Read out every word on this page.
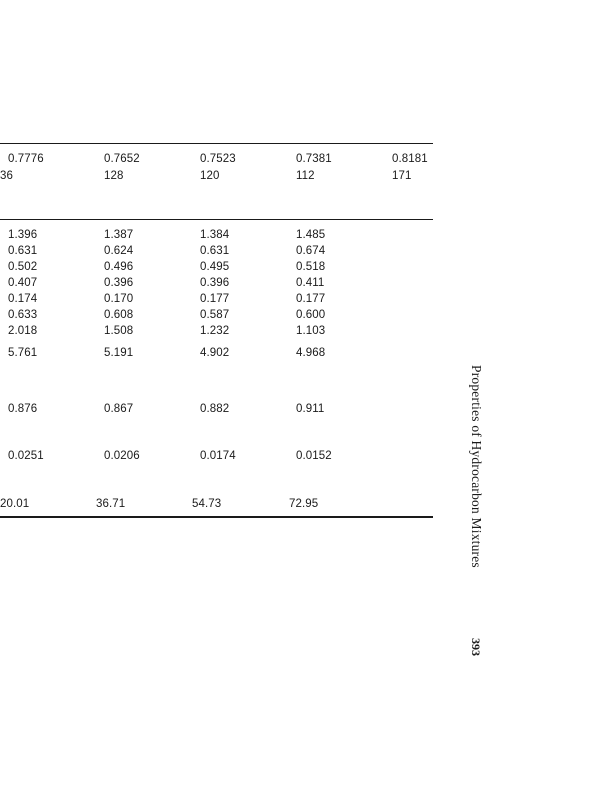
0.7776	0.7652	0.7523	0.7381	0.8181
36	128	120	112	171
1.396	1.387	1.384	1.485
0.631	0.624	0.631	0.674
0.502	0.496	0.495	0.518
0.407	0.396	0.396	0.411
0.174	0.170	0.177	0.177
0.633	0.608	0.587	0.600
2.018	1.508	1.232	1.103
5.761	5.191	4.902	4.968
0.876	0.867	0.882	0.911
0.0251	0.0206	0.0174	0.0152
20.01	36.71	54.73	72.95	Properties of Hydrocarbon Mixtures
393
